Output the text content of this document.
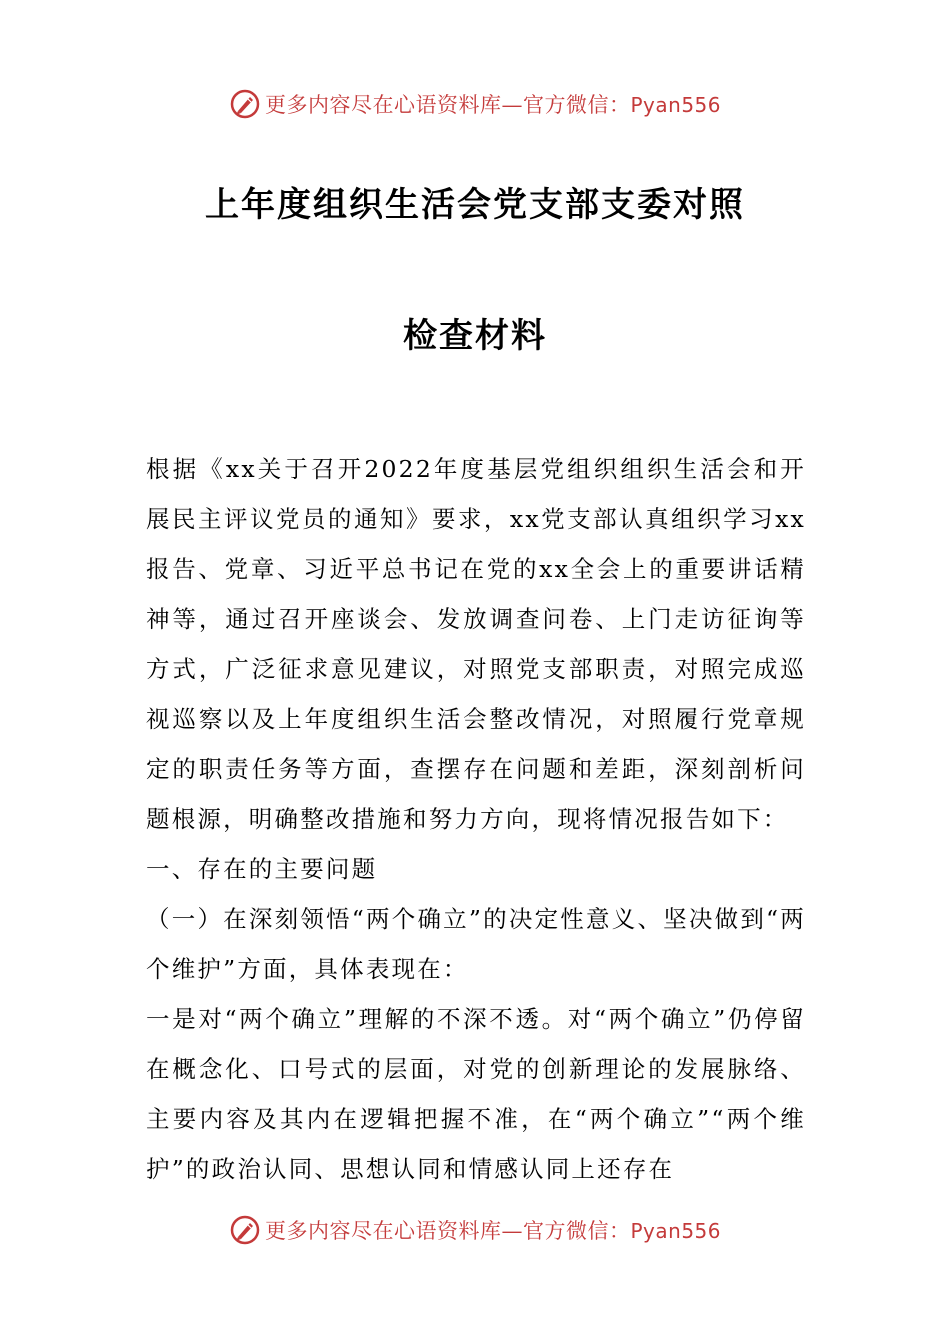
更多内容尽在心语资料库—官方微信：Pyan556
上年度组织生活会党支部支委对照
检查材料

根据《xx关于召开2022年度基层党组织组织生活会和开展民主评议党员的通知》要求，xx党支部认真组织学习xx报告、党章、习近平总书记在党的xx全会上的重要讲话精神等，通过召开座谈会、发放调查问卷、上门走访征询等方式，广泛征求意见建议，对照党支部职责，对照完成巡视巡察以及上年度组织生活会整改情况，对照履行党章规定的职责任务等方面，查摆存在问题和差距，深刻剖析问题根源，明确整改措施和努力方向，现将情况报告如下：

一、存在的主要问题

（一）在深刻领悟“两个确立”的决定性意义、坚决做到“两个维护”方面，具体表现在：

一是对“两个确立”理解的不深不透。对“两个确立”仍停留在概念化、口号式的层面，对党的创新理论的发展脉络、主要内容及其内在逻辑把握不准，在“两个确立”“两个维护”的政治认同、思想认同和情感认同上还存在

更多内容尽在心语资料库—官方微信：Pyan556
